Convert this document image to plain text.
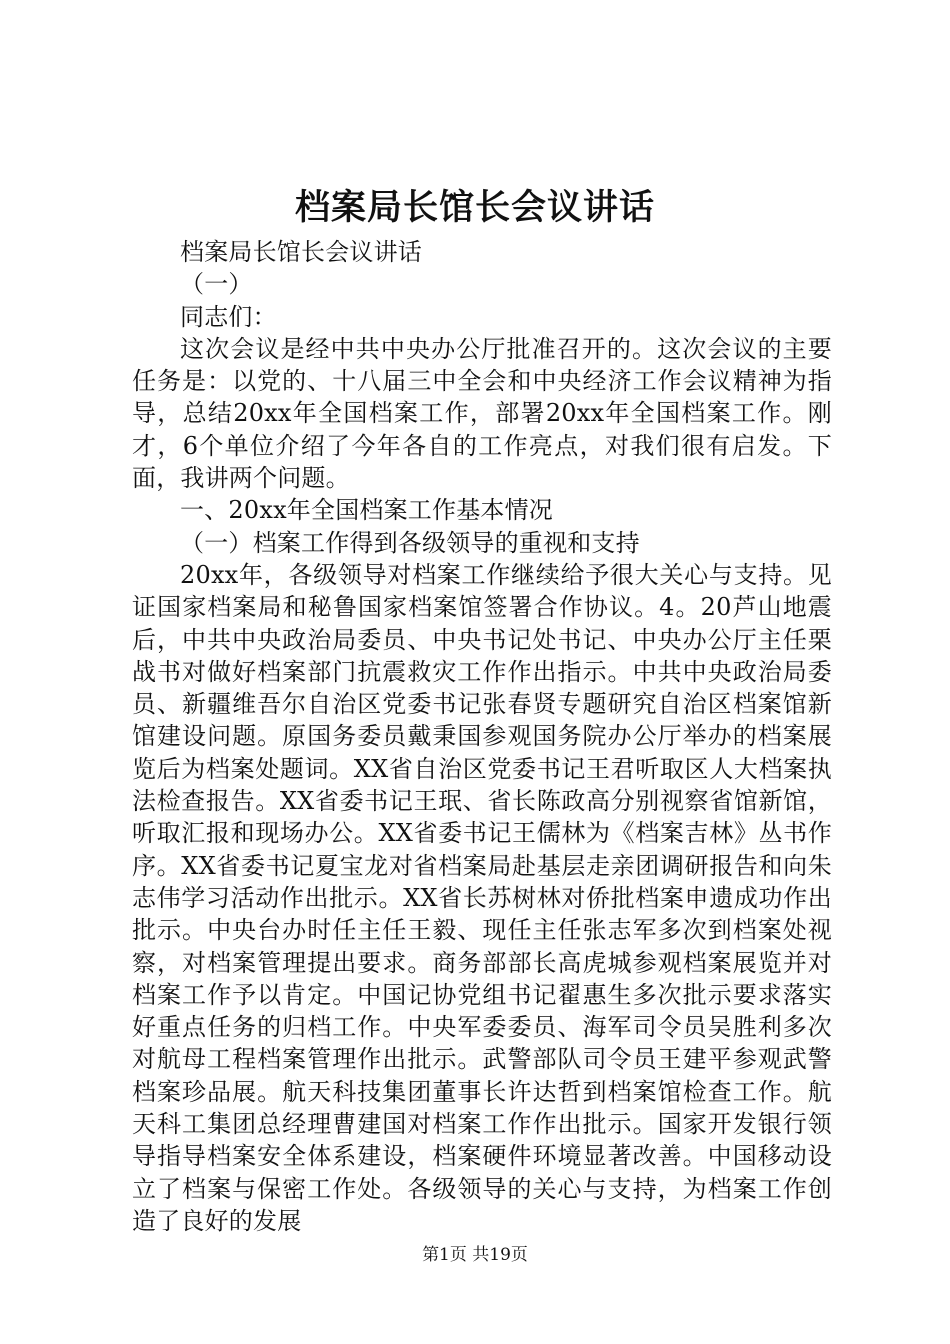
档案局长馆长会议讲话

档案局长馆长会议讲话

（一）

同志们：

这次会议是经中共中央办公厅批准召开的。这次会议的主要任务是：以党的、十八届三中全会和中央经济工作会议精神为指导，总结20xx年全国档案工作，部署20xx年全国档案工作。刚才，6个单位介绍了今年各自的工作亮点，对我们很有启发。下面，我讲两个问题。

一、20xx年全国档案工作基本情况

（一）档案工作得到各级领导的重视和支持

20xx年，各级领导对档案工作继续给予很大关心与支持。见证国家档案局和秘鲁国家档案馆签署合作协议。4。20芦山地震后，中共中央政治局委员、中央书记处书记、中央办公厅主任栗战书对做好档案部门抗震救灾工作作出指示。中共中央政治局委员、新疆维吾尔自治区党委书记张春贤专题研究自治区档案馆新馆建设问题。原国务委员戴秉国参观国务院办公厅举办的档案展览后为档案处题词。XX省自治区党委书记王君听取区人大档案执法检查报告。XX省委书记王珉、省长陈政高分别视察省馆新馆，听取汇报和现场办公。XX省委书记王儒林为《档案吉林》丛书作序。XX省委书记夏宝龙对省档案局赴基层走亲团调研报告和向朱志伟学习活动作出批示。XX省长苏树林对侨批档案申遗成功作出批示。中央台办时任主任王毅、现任主任张志军多次到档案处视察，对档案管理提出要求。商务部部长高虎城参观档案展览并对档案工作予以肯定。中国记协党组书记翟惠生多次批示要求落实好重点任务的归档工作。中央军委委员、海军司令员吴胜利多次对航母工程档案管理作出批示。武警部队司令员王建平参观武警档案珍品展。航天科技集团董事长许达哲到档案馆检查工作。航天科工集团总经理曹建国对档案工作作出批示。国家开发银行领导指导档案安全体系建设，档案硬件环境显著改善。中国移动设立了档案与保密工作处。各级领导的关心与支持，为档案工作创造了良好的发展

第1页 共19页
